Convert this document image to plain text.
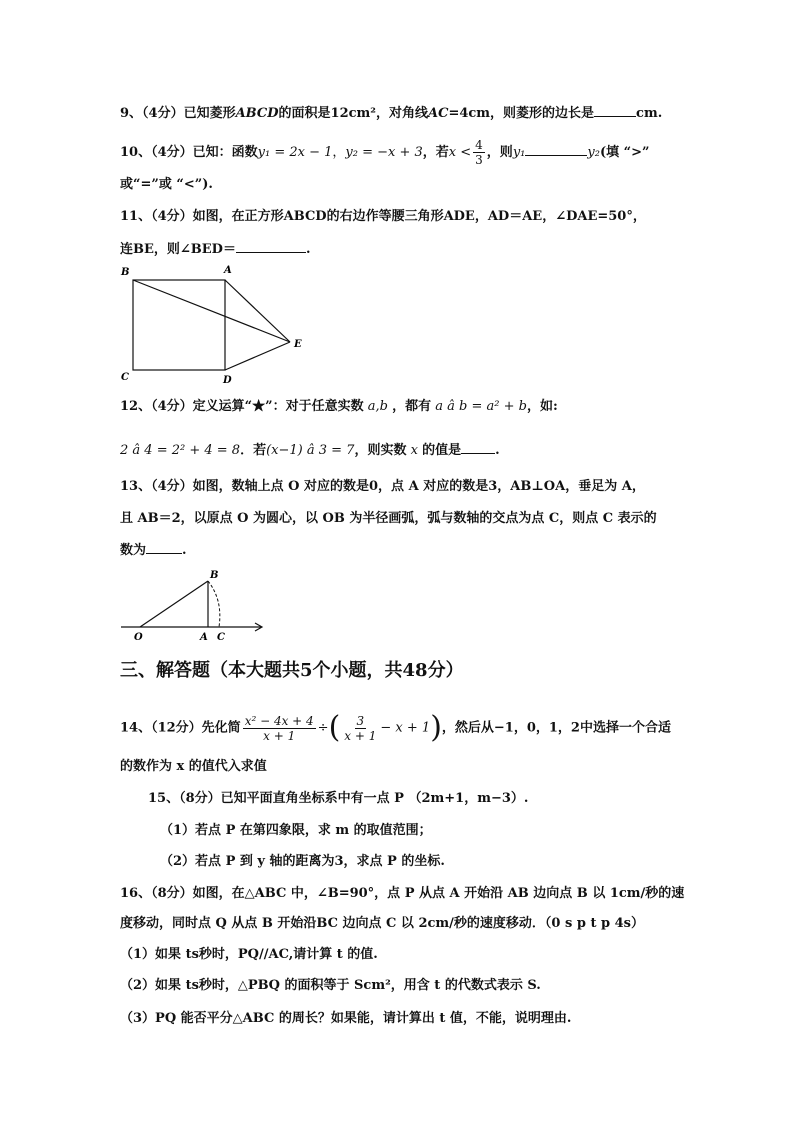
9、（4分）已知菱形ABCD的面积是12cm²，对角线AC=4cm，则菱形的边长是	cm.
10、（4分）已知：函数y₁ = 2x − 1，y₂ = −x + 3，若$x < \frac{4}{3}$ ，则y₁	y₂(填 “>”
或“=”或 “<”).
11、（4分）如图，在正方形ABCD的右边作等腰三角形ADE，AD＝AE，∠DAE=50°，
连BE，则∠BED＝	.
B	A
C	D
E
12、（4分）定义运算“★”：对于任意实数 a,b ，都有 a â b = a² + b，如:
2 â 4 = 2² + 4 = 8．若(x−1) â 3 = 7，则实数 x 的值是	.
13、（4分）如图，数轴上点 O 对应的数是0，点 A 对应的数是3，AB⊥OA，垂足为 A，
且 AB＝2，以原点 O 为圆心，以 OB 为半径画弧，弧与数轴的交点为点 C，则点 C 表示的
数为	.
B
O	A C
三、解答题（本大题共5个小题，共48分）
14、（12分）先化简 $\frac{\text{x² − 4x + 4}}{x + 1}$ ÷( $\frac{3}{x + 1} - x + 1$)，然后从−1，0，1，2中选择一个合适
的数作为 x 的值代入求值
15、（8分）已知平面直角坐标系中有一点 P （2m+1，m−3）.
（1）若点 P 在第四象限，求 m 的取值范围；
（2）若点 P 到 y 轴的距离为3，求点 P 的坐标.
16、（8分）如图，在△ABC 中，∠B=90°，点 P 从点 A 开始沿 AB 边向点 B 以 1cm/秒的速
度移动，同时点 Q 从点 B 开始沿BC 边向点 C 以 2cm/秒的速度移动．（0 s p t p 4s）
（1）如果 ts秒时，PQ//AC,请计算 t 的值.
（2）如果 ts秒时，△PBQ 的面积等于 Scm²，用含 t 的代数式表示 S.
（3）PQ 能否平分△ABC 的周长？如果能，请计算出 t 值，不能，说明理由.
